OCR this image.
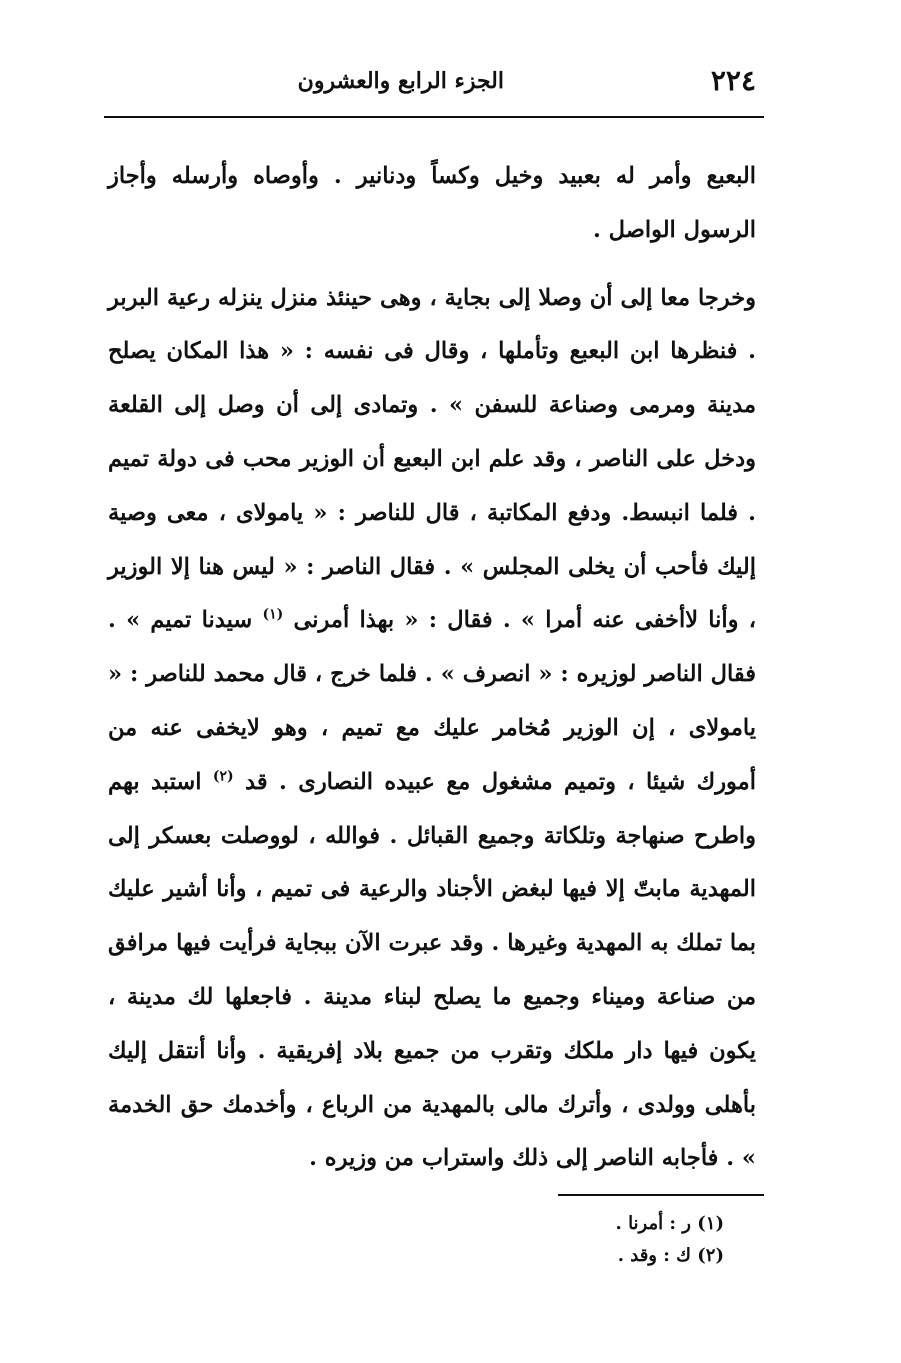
٢٢٤
الجزء الرابع والعشرون

البعبع وأمر له بعبيد وخيل وكساً ودنانير . وأوصاه وأرسله وأجاز الرسول الواصل .

وخرجا معا إلى أن وصلا إلى بجاية ، وهى حينئذ منزل ينزله رعية البربر . فنظرها ابن البعبع وتأملها ، وقال فى نفسه : « هذا المكان يصلح مدينة ومرمى وصناعة للسفن » . وتمادى إلى أن وصل إلى القلعة ودخل على الناصر ، وقد علم ابن البعبع أن الوزير محب فى دولة تميم . فلما انبسط. ودفع المكاتبة ، قال للناصر : « يامولاى ، معى وصية إليك فأحب أن يخلى المجلس » . فقال الناصر : « ليس هنا إلا الوزير ، وأنا لاأخفى عنه أمرا » . فقال : « بهذا أمرنى $^{(١)}$ سيدنا تميم » . فقال الناصر لوزيره : « انصرف » . فلما خرج ، قال محمد للناصر : « يامولاى ، إن الوزير مُخامر عليك مع تميم ، وهو لايخفى عنه من أمورك شيئا ، وتميم مشغول مع عبيده النصارى . قد $^{(٢)}$ استبد بهم واطرح صنهاجة وتلكاتة وجميع القبائل . فوالله ، لووصلت بعسكر إلى المهدية مابتّ إلا فيها لبغض الأجناد والرعية فى تميم ، وأنا أشير عليك بما تملك به المهدية وغيرها . وقد عبرت الآن ببجاية فرأيت فيها مرافق من صناعة وميناء وجميع ما يصلح لبناء مدينة . فاجعلها لك مدينة ، يكون فيها دار ملكك وتقرب من جميع بلاد إفريقية . وأنا أنتقل إليك بأهلى وولدى ، وأترك مالى بالمهدية من الرباع ، وأخدمك حق الخدمة » . فأجابه الناصر إلى ذلك واستراب من وزيره .

(١) ر : أمرنا .

(٢) ك : وقد .
